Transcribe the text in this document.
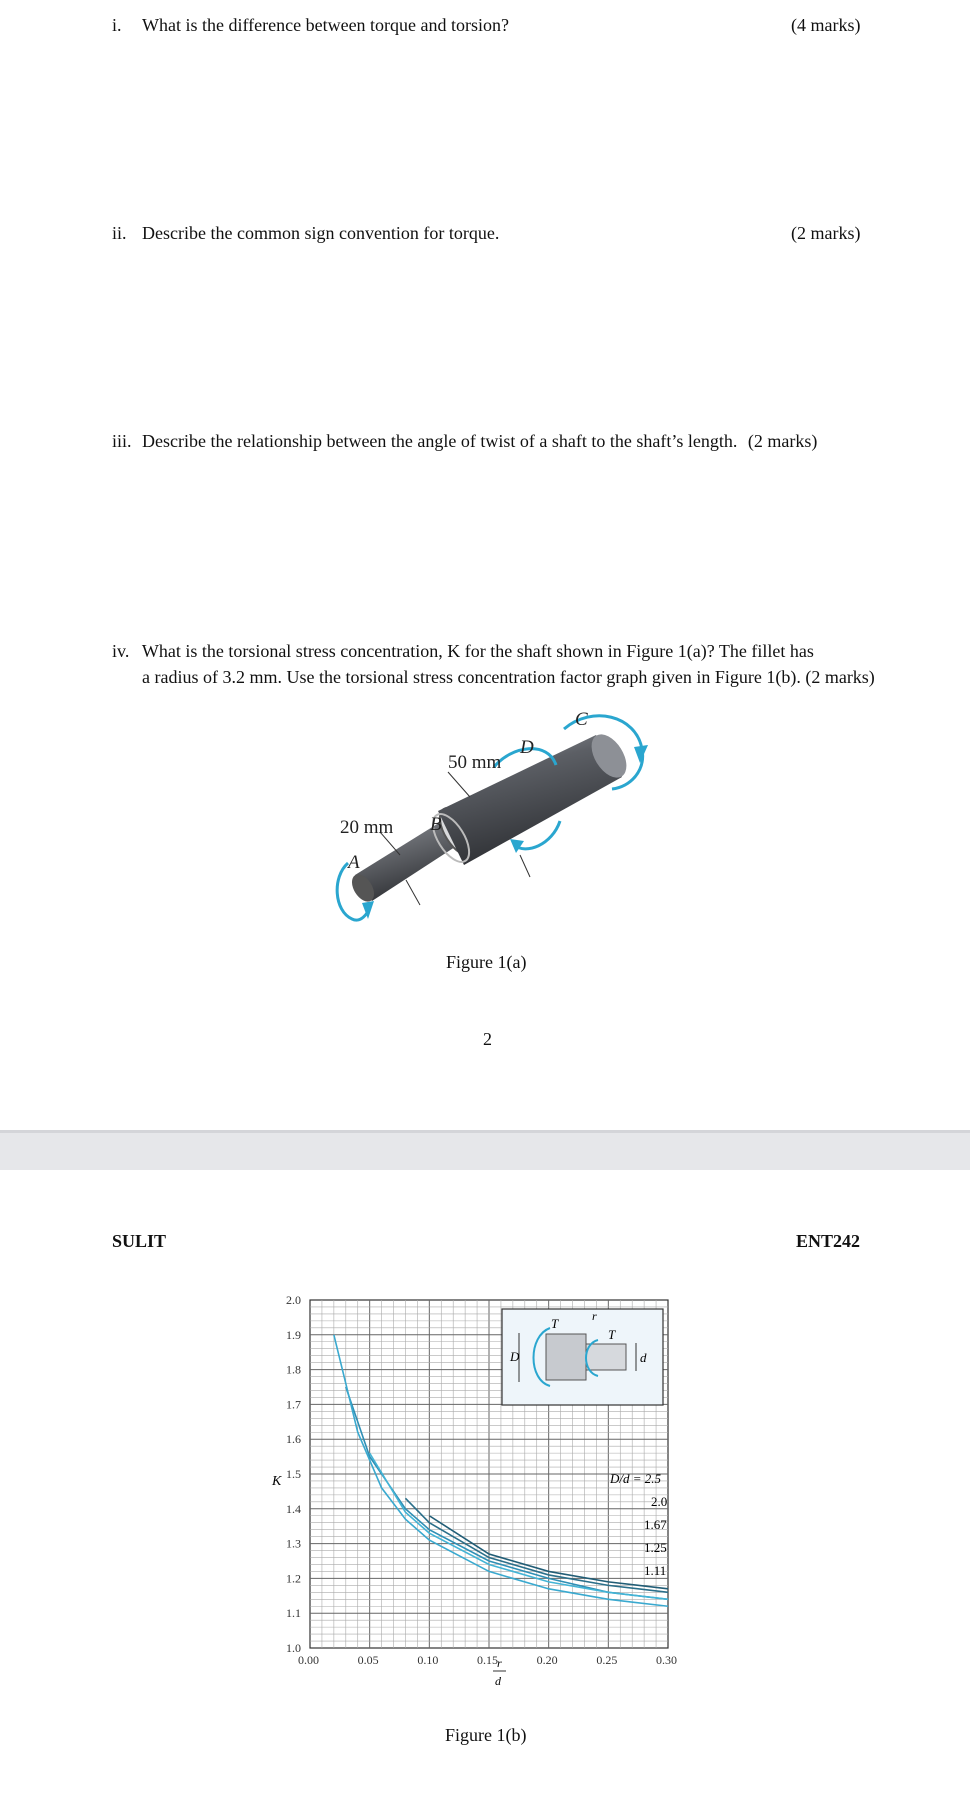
i. What is the difference between torque and torsion?	(4 marks)
ii. Describe the common sign convention for torque.	(2 marks)
iii. Describe the relationship between the angle of twist of a shaft to the shaft’s length. (2 marks)
iv. What is the torsional stress concentration, K for the shaft shown in Figure 1(a)? The fillet has
a radius of 3.2 mm. Use the torsional stress concentration factor graph given in Figure 1(b). (2 marks)
A
B
C
D
20 mm
50 mm
Figure 1(a)
2
SULIT	ENT242
0.00	0.05	0.10	0.15	0.20	0.25	0.30
1.0
1.1
1.2
1.3
1.4
1.5
1.6
1.7
1.8
1.9
2.0
D	d
T
T
r
D/d = 2.5
2.0
1.67
1.25
1.11
K
r
d
Figure 1(b)
